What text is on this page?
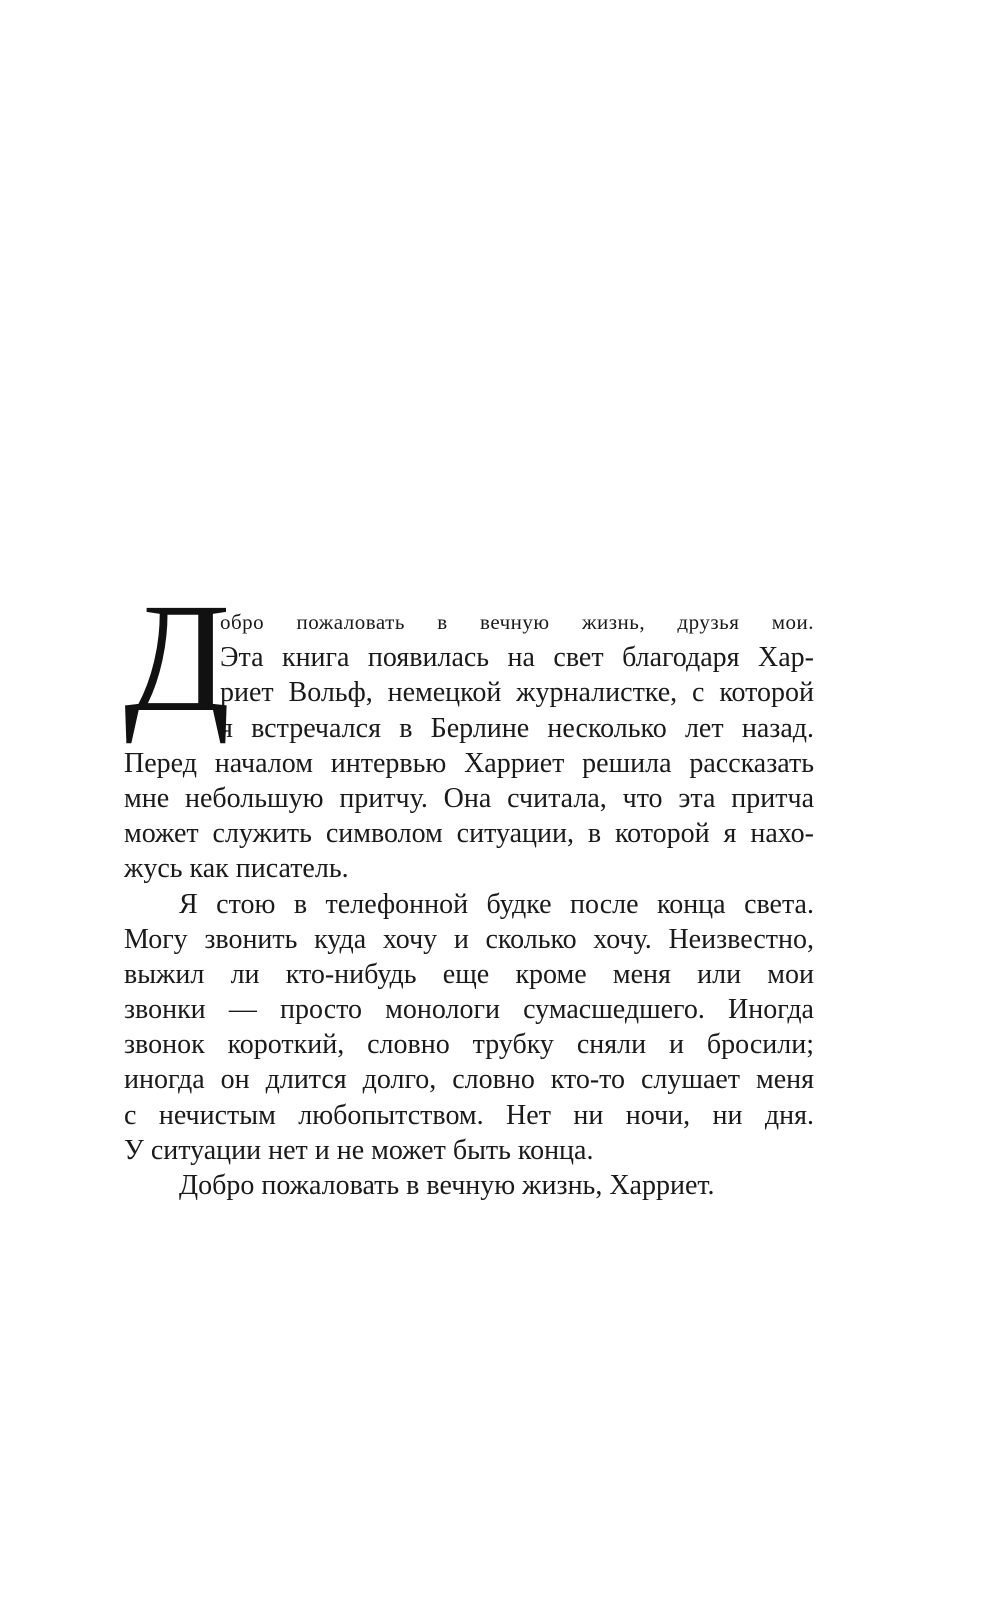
Д
обро пожаловать в вечную жизнь, друзья мои.
Эта книга появилась на свет благодаря Хар-
риет Вольф, немецкой журналистке, с которой
я встречался в Берлине несколько лет назад.
Перед началом интервью Харриет решила рассказать
мне небольшую притчу. Она считала, что эта притча
может служить символом ситуации, в которой я нахо-
жусь как писатель.
Я стою в телефонной будке после конца света.
Могу звонить куда хочу и сколько хочу. Неизвестно,
выжил ли кто-нибудь еще кроме меня или мои
звонки — просто монологи сумасшедшего. Иногда
звонок короткий, словно трубку сняли и бросили;
иногда он длится долго, словно кто-то слушает меня
с нечистым любопытством. Нет ни ночи, ни дня.
У ситуации нет и не может быть конца.
Добро пожаловать в вечную жизнь, Харриет.
